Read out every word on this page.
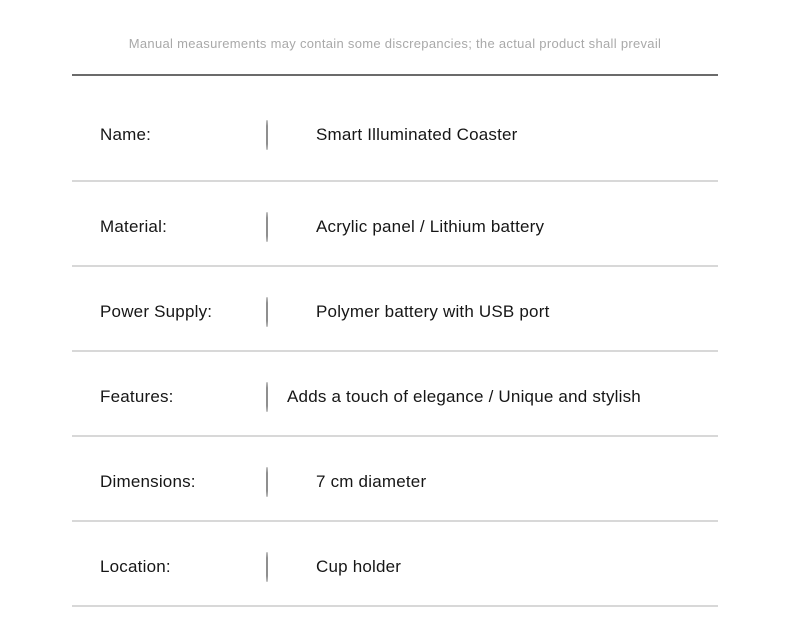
Manual measurements may contain some discrepancies; the actual product shall prevail
Name:	Smart Illuminated Coaster
Material:	Acrylic panel / Lithium battery
Power Supply:	Polymer battery with USB port
Features:	Adds a touch of elegance / Unique and stylish
Dimensions:	7 cm diameter
Location:	Cup holder
